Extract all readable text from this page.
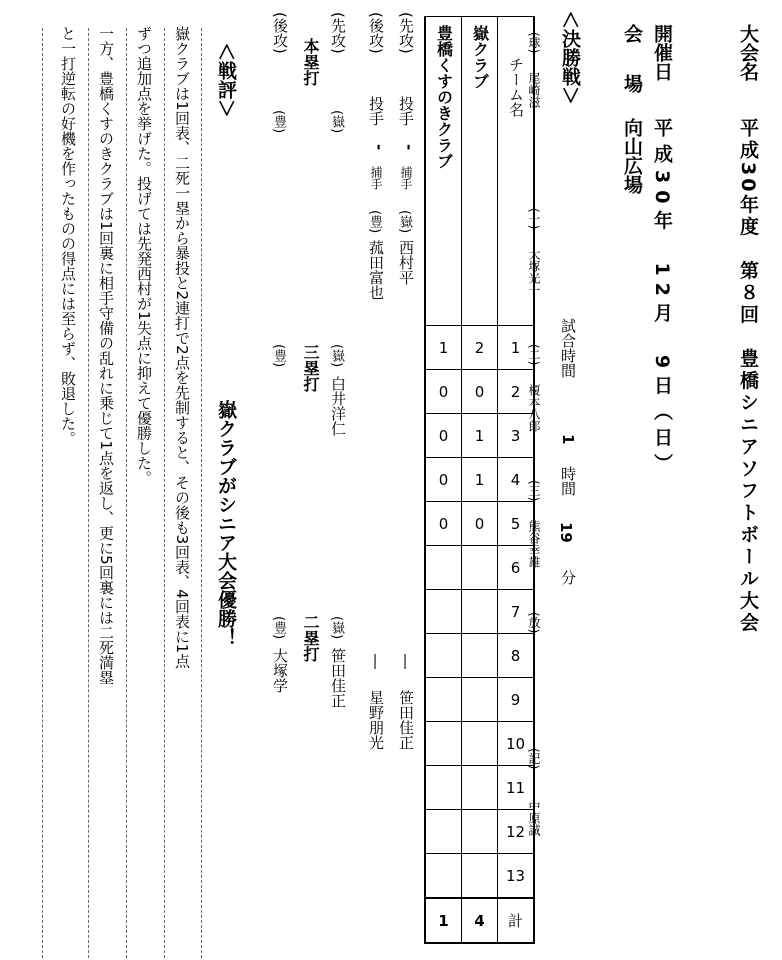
大会名
平成30年度　第８回　豊橋シニアソフトボール大会
開催日
平成30年　12月　9日（日）
会　場
向山広場
＜決勝戦＞
(球)
尾崎滋
(一)
大塚光一
(二)
榎本八郎
(三)
熊谷幸雄
(放)
(記)
中原誠
試合時間
1
時間
19
分
豊橋くすのきクラブ	嶽クラブ	チーム名
1	2	1
0	0	2
0	1	3
0	1	4
0	0	5
		6
		7
		8
		9
		10
		11
		12
		13
1	4	計
(先攻)
投手
-
捕手
(嶽)
西村平
―
笹田佳正
(後攻)
投手
-
捕手
(豊)
菰田富也
―
星野朋光
(先攻)
(嶽)
(嶽)
白井洋仁
(嶽)
笹田佳正
本塁打
三塁打
二塁打
(後攻)
(豊)
(豊)
(豊)
大塚学
＜戦評＞
嶽クラブがシニア大会優勝！
嶽クラブは1回表、二死一塁から暴投と2連打で2点を先制すると、その後も3回表、4回表に1点
ずつ追加点を挙げた。投げては先発西村が1失点に抑えて優勝した。
一方、豊橋くすのきクラブは1回裏に相手守備の乱れに乗じて1点を返し、更に5回裏には二死満塁
と一打逆転の好機を作ったものの得点には至らず、敗退した。
